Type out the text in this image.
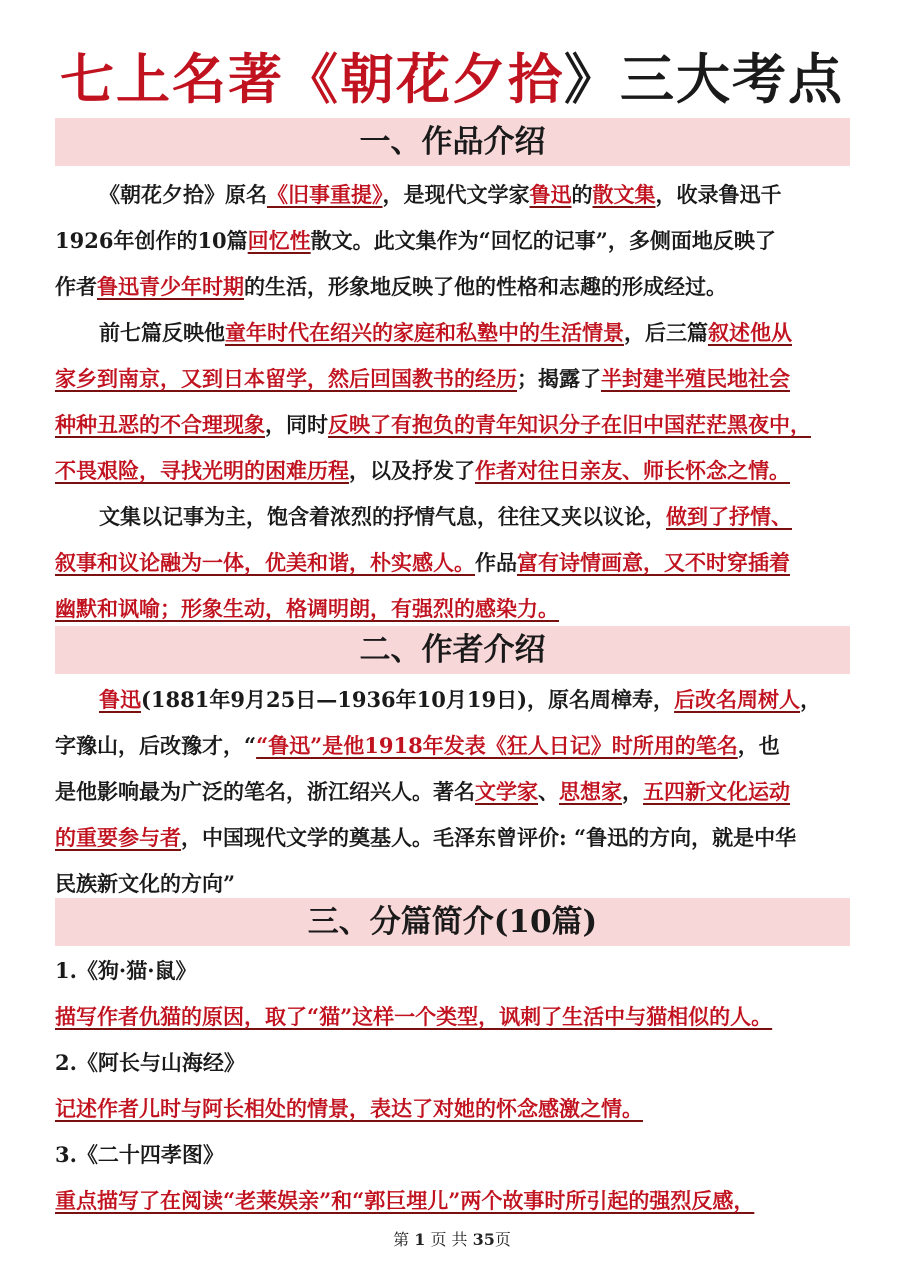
七上名著《朝花夕拾》三大考点
一、作品介绍
《朝花夕拾》原名《旧事重提》，是现代文学家鲁迅的散文集，收录鲁迅千
1926年创作的10篇回忆性散文。此文集作为“回忆的记事”，多侧面地反映了
作者鲁迅青少年时期的生活，形象地反映了他的性格和志趣的形成经过。
前七篇反映他童年时代在绍兴的家庭和私塾中的生活情景，后三篇叙述他从
家乡到南京，又到日本留学，然后回国教书的经历；揭露了半封建半殖民地社会
种种丑恶的不合理现象，同时反映了有抱负的青年知识分子在旧中国茫茫黑夜中，
不畏艰险，寻找光明的困难历程，以及抒发了作者对往日亲友、师长怀念之情。
文集以记事为主，饱含着浓烈的抒情气息，往往又夹以议论，做到了抒情、
叙事和议论融为一体，优美和谐，朴实感人。作品富有诗情画意，又不时穿插着
幽默和讽喻；形象生动，格调明朗，有强烈的感染力。
二、作者介绍
鲁迅(1881年9月25日—1936年10月19日)，原名周樟寿，后改名周树人，
字豫山，后改豫才，““鲁迅”是他1918年发表《狂人日记》时所用的笔名，也
是他影响最为广泛的笔名，浙江绍兴人。著名文学家、思想家，五四新文化运动
的重要参与者，中国现代文学的奠基人。毛泽东曾评价: “鲁迅的方向，就是中华
民族新文化的方向”
三、分篇简介(10篇)
1.《狗·猫·鼠》
描写作者仇猫的原因，取了“猫”这样一个类型，讽刺了生活中与猫相似的人。
2.《阿长与山海经》
记述作者儿时与阿长相处的情景，表达了对她的怀念感激之情。
3.《二十四孝图》
重点描写了在阅读“老莱娱亲”和“郭巨埋儿”两个故事时所引起的强烈反感，
第 1 页 共 35页
